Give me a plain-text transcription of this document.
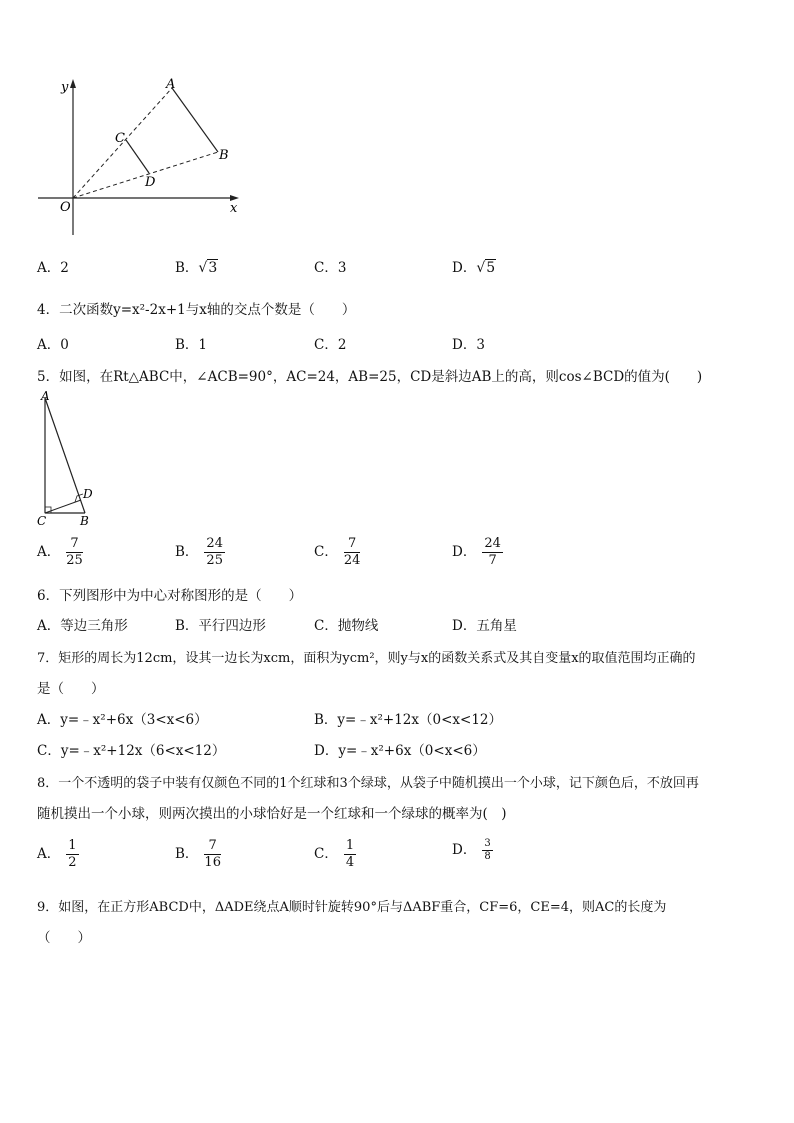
y
x
O
A
B
C
D
A．2	B．√3	C．3	D．√5
4．二次函数y=x²-2x+1与x轴的交点个数是（　　）
A．0	B．1	C．2	D．3
5．如图，在Rt△ABC中，∠ACB=90°，AC=24，AB=25，CD是斜边AB上的高，则cos∠BCD的值为(　　)
A
C	B
D
A． $\frac{7}{25}$	B． $\frac{24}{25}$	C． $\frac{7}{24}$	D． $\frac{24}{7}$
6．下列图形中为中心对称图形的是（　　）
A．等边三角形	B．平行四边形	C．抛物线	D．五角星
7．矩形的周长为12cm，设其一边长为xcm，面积为ycm²，则y与x的函数关系式及其自变量x的取值范围均正确的
是（　　）
A．y=﹣x²+6x（3<x<6）	B．y=﹣x²+12x（0<x<12）
C．y=﹣x²+12x（6<x<12）	D．y=﹣x²+6x（0<x<6）
8．一个不透明的袋子中装有仅颜色不同的1个红球和3个绿球，从袋子中随机摸出一个小球，记下颜色后，不放回再
随机摸出一个小球，则两次摸出的小球恰好是一个红球和一个绿球的概率为(　)
A． $\frac{1}{2}$	B． $\frac{7}{16}$	C． $\frac{1}{4}$	D． $\frac{3}{8}$
9．如图，在正方形ABCD中，ΔADE绕点A顺时针旋转90°后与ΔABF重合，CF=6，CE=4，则AC的长度为
（　　）
